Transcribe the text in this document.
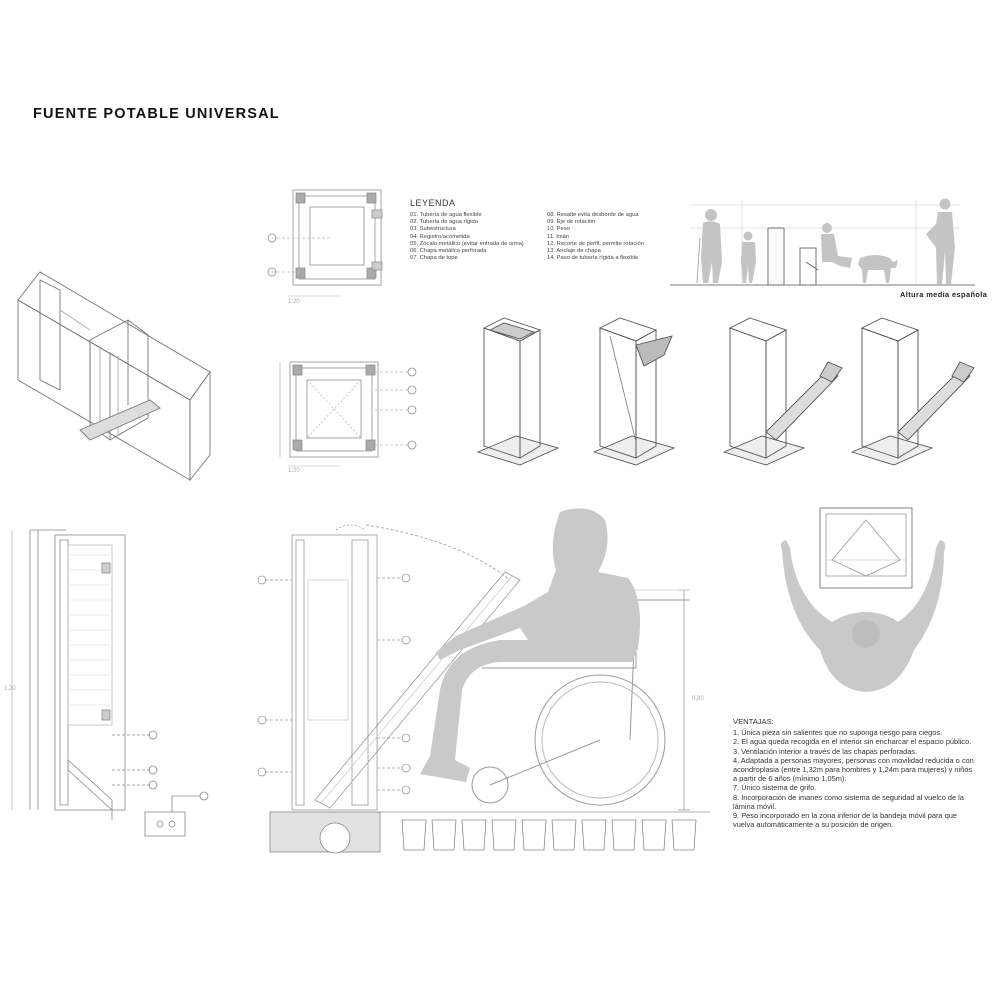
FUENTE POTABLE UNIVERSAL
LEYENDA
01. Tubería de agua flexible
02. Tubería de agua rígida
03. Subestructura
04. Registro/acometida
05. Zócalo metálico (evitar entrada de orina)
06. Chapa metálica perforada
07. Chapa de tope
08. Resalte evita desborde de agua
09. Eje de rotación
10. Peso
11. Imán
12. Recorte de perfil, permite rotación
13. Anclaje de chapa
14. Paso de tubería rígida a flexible
1:20
1:20
1,20
0,80
Altura media española
VENTAJAS:
1. Única pieza sin salientes que no suponga riesgo para ciegos.
2. El agua queda recogida en el interior sin encharcar el espacio público.
3. Ventilación interior a través de las chapas perforadas.
4. Adaptada a personas mayores, personas con movilidad reducida o con acondroplasia (entre 1,32m para hombres y 1,24m para mujeres) y niños a partir de 6 años (mínimo 1,05m).
7. Único sistema de grifo.
8. Incorporación de imanes como sistema de seguridad al vuelco de la lámina móvil.
9. Peso incorporado en la zona inferior de la bandeja móvil para que vuelva automáticamente a su posición de origen.
